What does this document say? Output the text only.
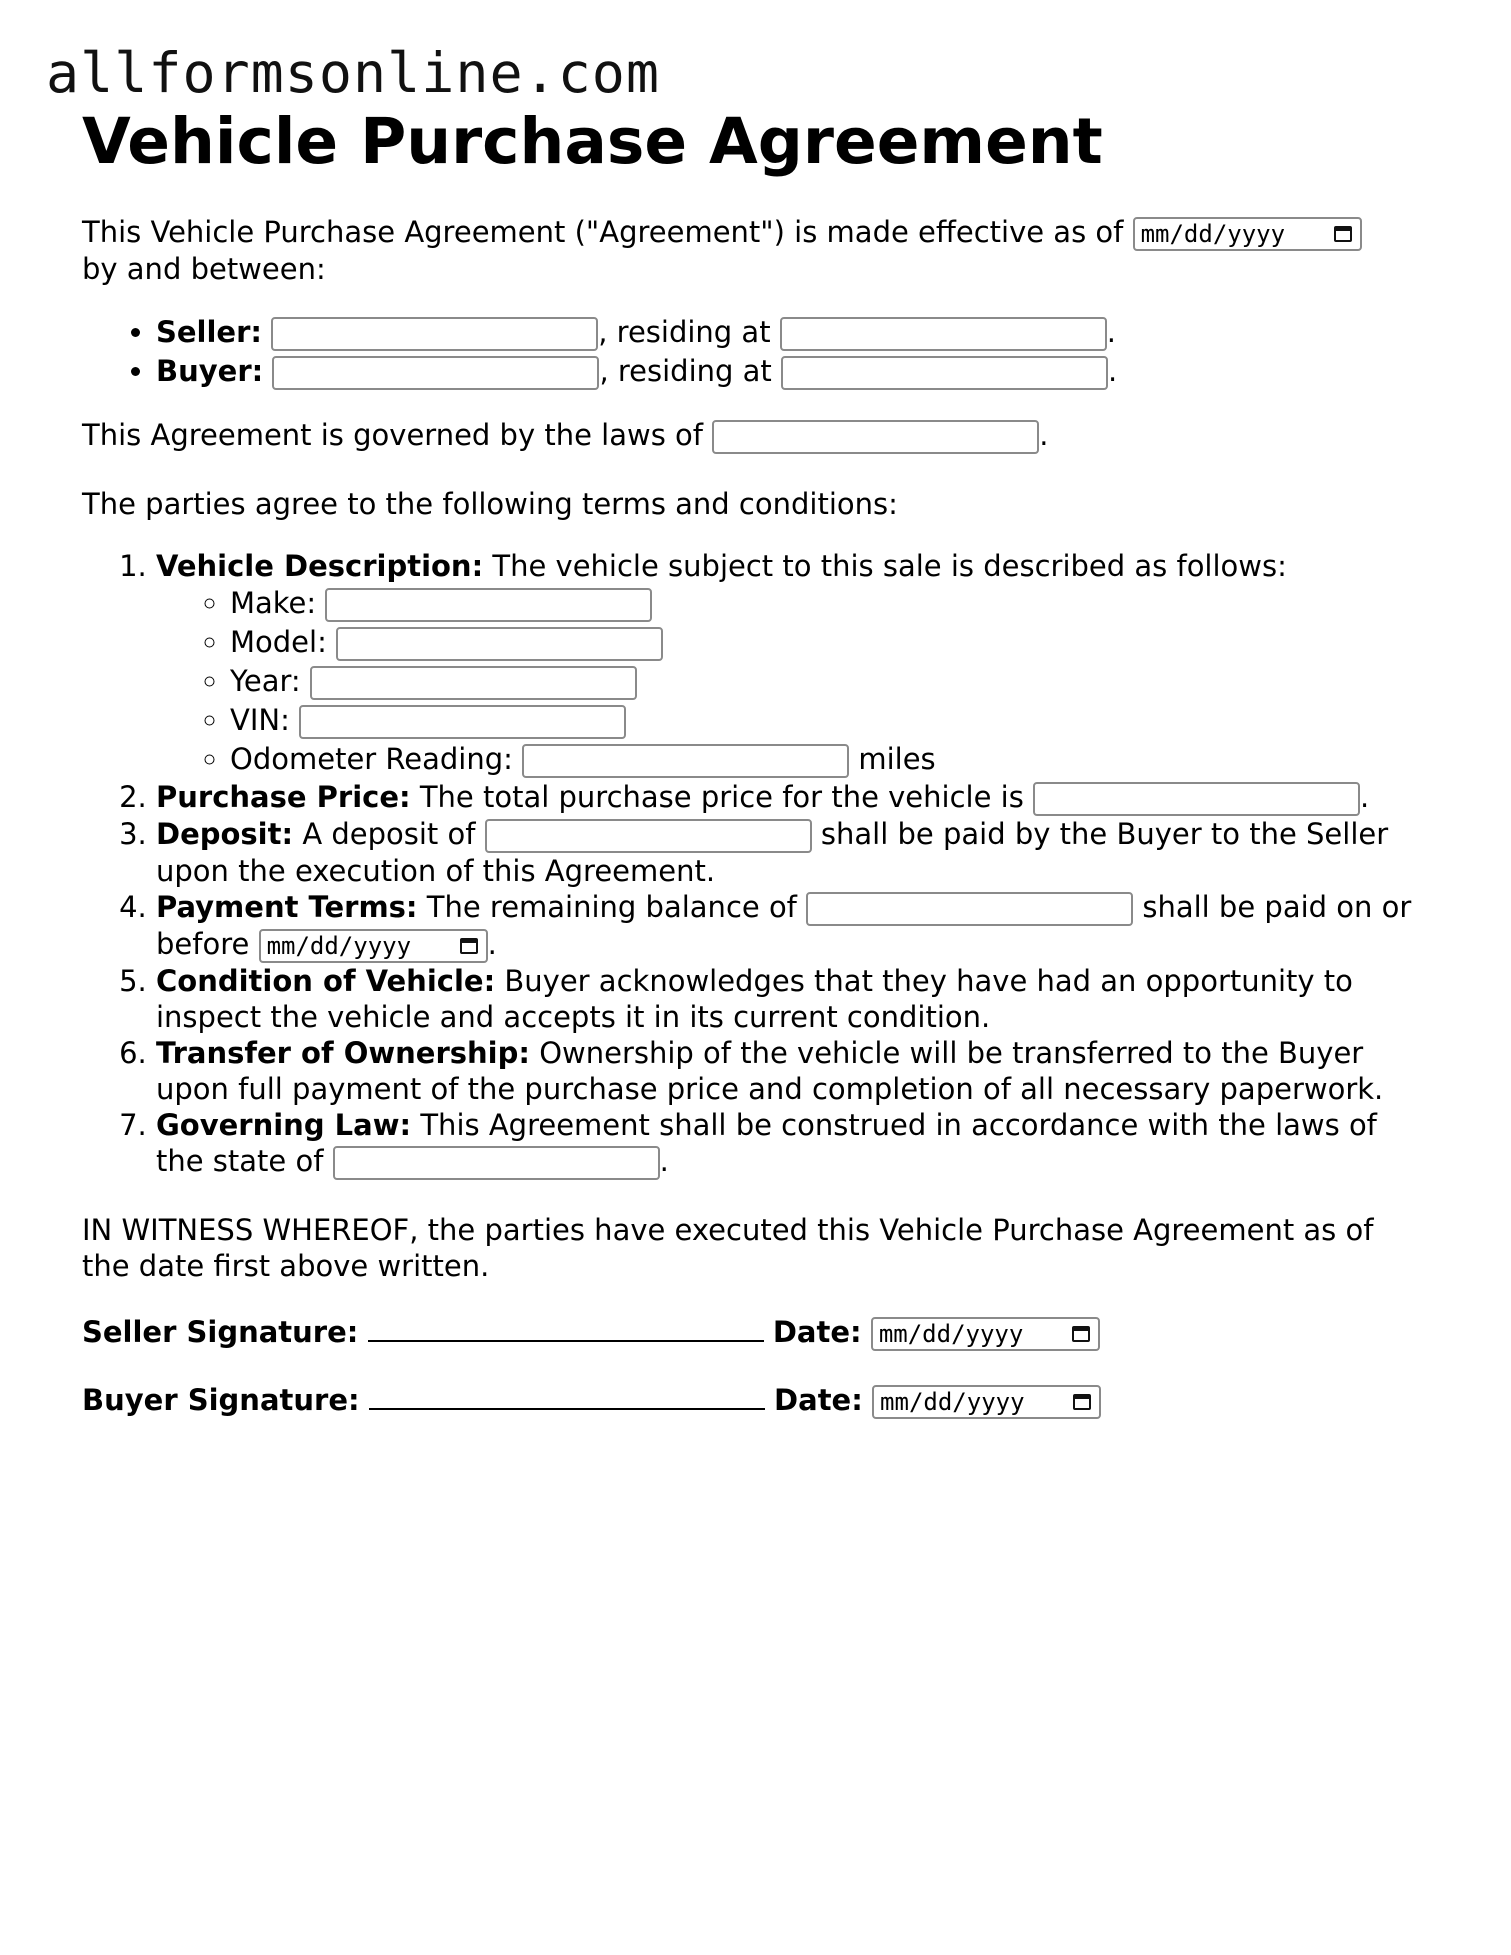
allformsonline.com
Vehicle Purchase Agreement

This Vehicle Purchase Agreement ("Agreement") is made effective as of mm/dd/yyyy

by and between:

• Seller:	, residing at	.
• Buyer:	, residing at	.

This Agreement is governed by the laws of	.

The parties agree to the following terms and conditions:

1. Vehicle Description: The vehicle subject to this sale is described as follows:
◦ Make:
◦ Model:
◦ Year:
◦ VIN:
◦ Odometer Reading:	miles
2. Purchase Price: The total purchase price for the vehicle is	.
3. Deposit: A deposit of	shall be paid by the Buyer to the Seller upon the execution of this Agreement.
4. Payment Terms: The remaining balance of	shall be paid on or before mm/dd/yyyy	.
5. Condition of Vehicle: Buyer acknowledges that they have had an opportunity to inspect the vehicle and accepts it in its current condition.
6. Transfer of Ownership: Ownership of the vehicle will be transferred to the Buyer upon full payment of the purchase price and completion of all necessary paperwork.
7. Governing Law: This Agreement shall be construed in accordance with the laws of the state of	.

IN WITNESS WHEREOF, the parties have executed this Vehicle Purchase Agreement as of the date first above written.

Seller Signature:	Date: mm/dd/yyyy

Buyer Signature:	Date: mm/dd/yyyy
